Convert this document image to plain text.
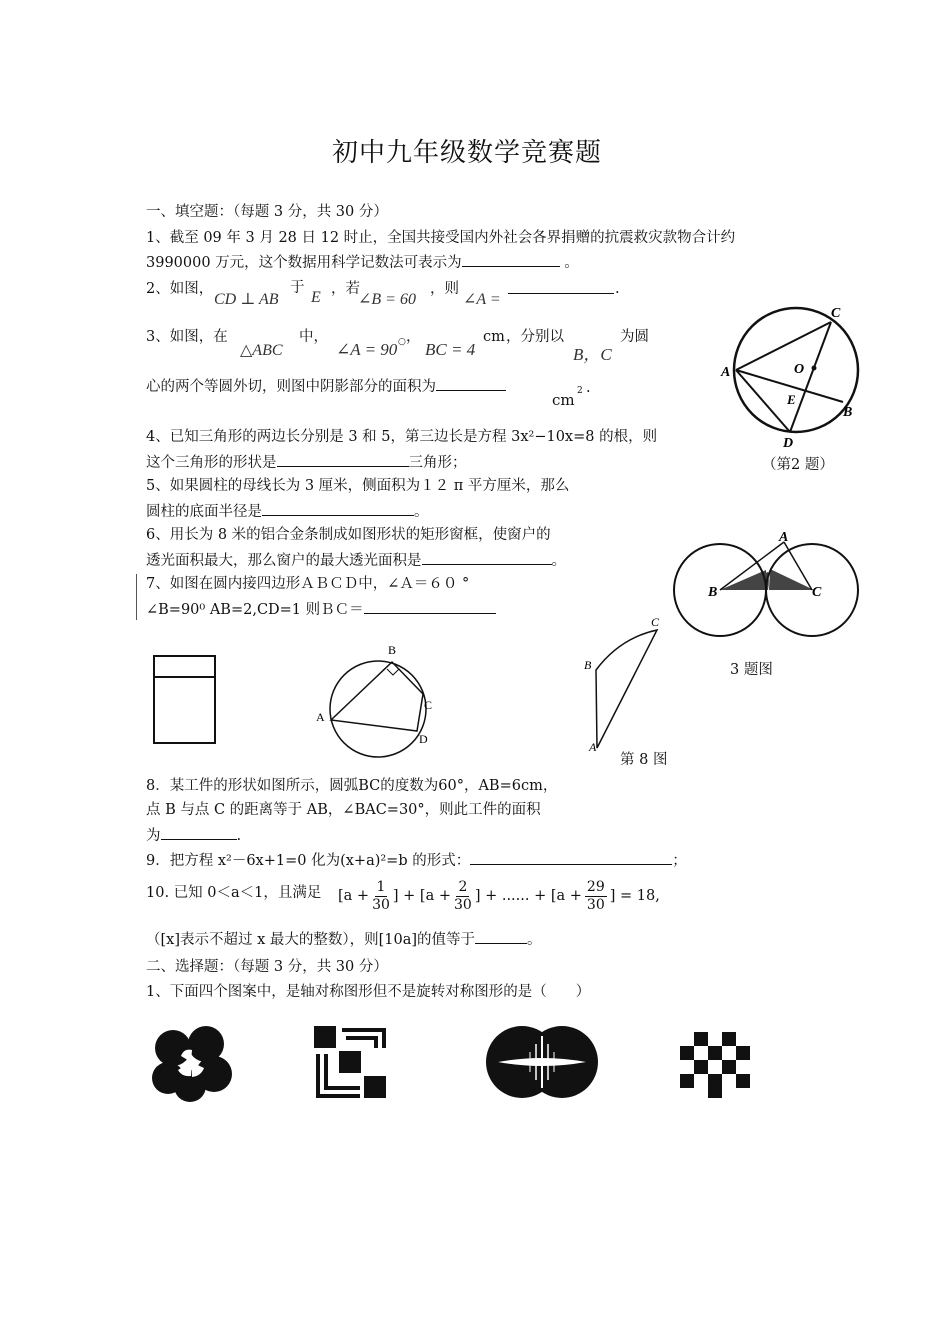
初中九年级数学竞赛题
一、填空题：（每题 3 分，共 30 分）
1、截至 09 年 3 月 28 日 12 时止，全国共接受国内外社会各界捐赠的抗震救灾款物合计约
3990000 万元，这个数据用科学记数法可表示为	。
2、如图，
CD ⊥ AB
于
E ，若
∠B = 60
，则
∠A =
.
3、如图，在
△ABC
中，
∠A = 90 ○ ，
BC = 4
cm ，分别以
B，C
为圆
心的两个等圆外切，则图中阴影部分的面积为
cm 2 .
4、已知三角形的两边长分别是 3 和 5，第三边长是方程 3x²−10x=8 的根，则
这个三角形的形状是	三角形；
5、如果圆柱的母线长为 3 厘米，侧面积为１２ π 平方厘米，那么
圆柱的底面半径是	。
6、用长为 8 米的铝合金条制成如图形状的矩形窗框，使窗户的
透光面积最大，那么窗户的最大透光面积是	。
7、如图在圆内接四边形ＡＢＣＤ中，∠Ａ＝６０ °
∠B=90⁰ AB=2,CD=1 则ＢＣ＝
8．某工件的形状如图所示，圆弧BC的度数为60°，AB=6cm，
点 B 与点 C 的距离等于 AB，∠BAC=30°，则此工件的面积
为	.
9．把方程 x²－6x+1=0 化为(x+a)²=b 的形式：	；
10. 已知 0＜a＜1，且满足 [$a + \frac{1}{30}$ ] + [$a + \frac{2}{30}$ ] + ...... + [$a + \frac{29}{30}$ ] = 18,
（[x]表示不超过 x 最大的整数），则[10a]的值等于	。
二、选择题：（每题 3 分，共 30 分）
1、下面四个图案中，是轴对称图形但不是旋转对称图形的是（　　）
A
C
B
D
E
O
（第2 题）
A
B	C
3 题图
A
B
C
D
C
B
A
第 8 图
